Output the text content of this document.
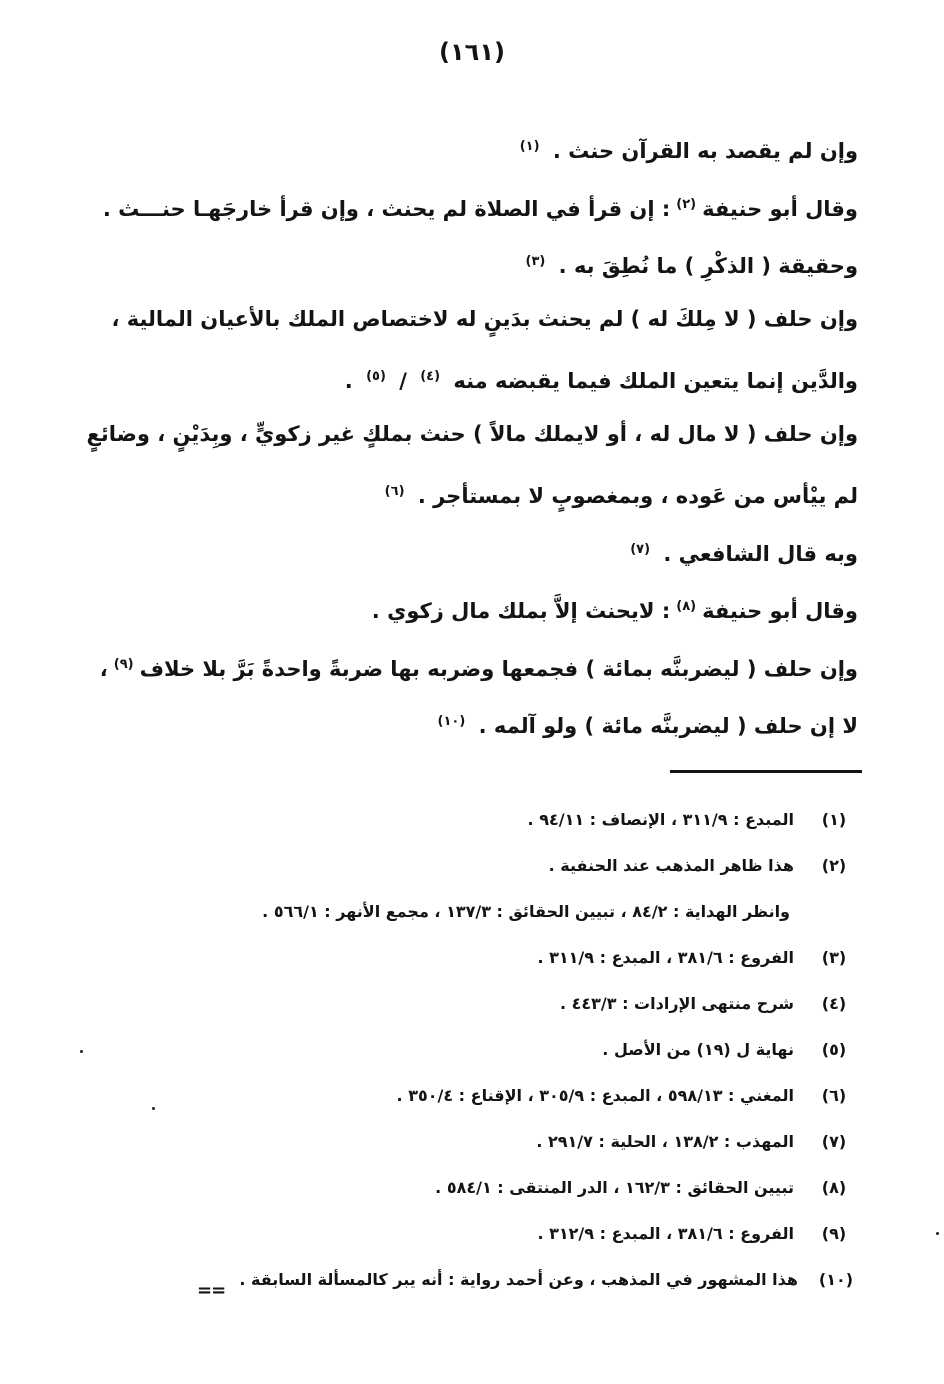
(١٦١)
وإن لم يقصد به القرآن حنث . $^{(١)}$
وقال أبو حنيفة$^{(٢)}$: إن قرأ في الصلاة لم يحنث ، وإن قرأ خارجَهـا حنـــث .
وحقيقة ( الذكْرِ ) ما نُطِقَ به . $^{(٣)}$
وإن حلف ( لا مِلكَ له ) لم يحنث بدَينٍ له لاختصاص الملك بالأعيان المالية ،
والدَّين إنما يتعين الملك فيما يقبضه منه $^{(٤)}$ / $^{(٥)}$ .
وإن حلف ( لا مال له ، أو لايملك مالاً ) حنث بملكٍ غير زكويٍّ ، وبِدَيْنٍ ، وضائعٍ
لم ييْأس من عَوده ، وبمغصوبٍ لا بمستأجر . $^{(٦)}$
وبه قال الشافعي . $^{(٧)}$
وقال أبو حنيفة$^{(٨)}$: لايحنث إلاَّ بملك مال زكوي .
وإن حلف ( ليضربنَّه بمائة ) فجمعها وضربه بها ضربةً واحدةً بَرَّ بلا خلاف$^{(٩)}$،
لا إن حلف ( ليضربنَّه مائة ) ولو آلمه . $^{(١٠)}$
(١)المبدع : ٣١١/٩ ، الإنصاف : ٩٤/١١ .
(٢)هذا ظاهر المذهب عند الحنفية .
وانظر الهداية : ٨٤/٢ ، تبيين الحقائق : ١٣٧/٣ ، مجمع الأنهر : ٥٦٦/١ .
(٣)الفروع : ٣٨١/٦ ، المبدع : ٣١١/٩ .
(٤)شرح منتهى الإرادات : ٤٤٣/٣ .
(٥)نهاية ل (١٩) من الأصل .
(٦)المغني : ٥٩٨/١٣ ، المبدع : ٣٠٥/٩ ، الإقناع : ٣٥٠/٤ .
(٧)المهذب : ١٣٨/٢ ، الحلية : ٢٩١/٧ .
(٨)تبيين الحقائق : ١٦٢/٣ ، الدر المنتقى : ٥٨٤/١ .
(٩)الفروع : ٣٨١/٦ ، المبدع : ٣١٢/٩ .
(١٠)هذا المشهور في المذهب ، وعن أحمد رواية : أنه يبر كالمسألة السابقة .
==
